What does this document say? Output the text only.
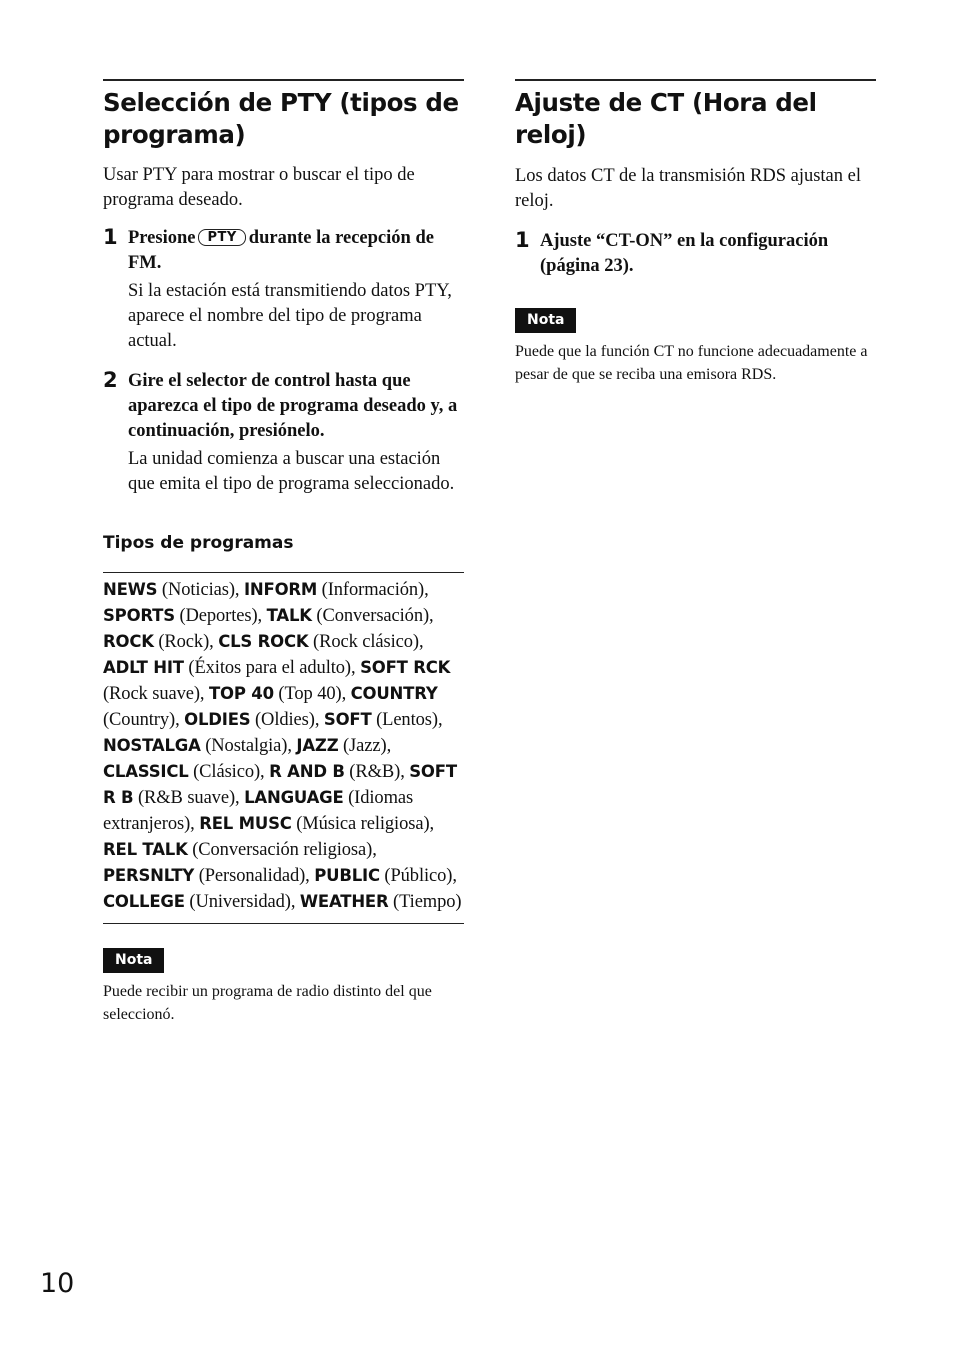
Selección de PTY (tipos de programa)

Usar PTY para mostrar o buscar el tipo de programa deseado.

1 Presione PTY durante la recepción de FM.

Si la estación está transmitiendo datos PTY, aparece el nombre del tipo de programa actual.

2 Gire el selector de control hasta que aparezca el tipo de programa deseado y, a continuación, presiónelo.

La unidad comienza a buscar una estación que emita el tipo de programa seleccionado.

Tipos de programas

NEWS (Noticias), INFORM (Información), SPORTS (Deportes), TALK (Conversación), ROCK (Rock), CLS ROCK (Rock clásico), ADLT HIT (Éxitos para el adulto), SOFT RCK (Rock suave), TOP 40 (Top 40), COUNTRY (Country), OLDIES (Oldies), SOFT (Lentos), NOSTALGA (Nostalgia), JAZZ (Jazz), CLASSICL (Clásico), R AND B (R&B), SOFT R B (R&B suave), LANGUAGE (Idiomas extranjeros), REL MUSC (Música religiosa), REL TALK (Conversación religiosa), PERSNLTY (Personalidad), PUBLIC (Público), COLLEGE (Universidad), WEATHER (Tiempo)

Nota

Puede recibir un programa de radio distinto del que seleccionó.

Ajuste de CT (Hora del reloj)

Los datos CT de la transmisión RDS ajustan el reloj.

1 Ajuste “CT-ON” en la configuración (página 23).

Nota

Puede que la función CT no funcione adecuadamente a pesar de que se reciba una emisora RDS.

10
